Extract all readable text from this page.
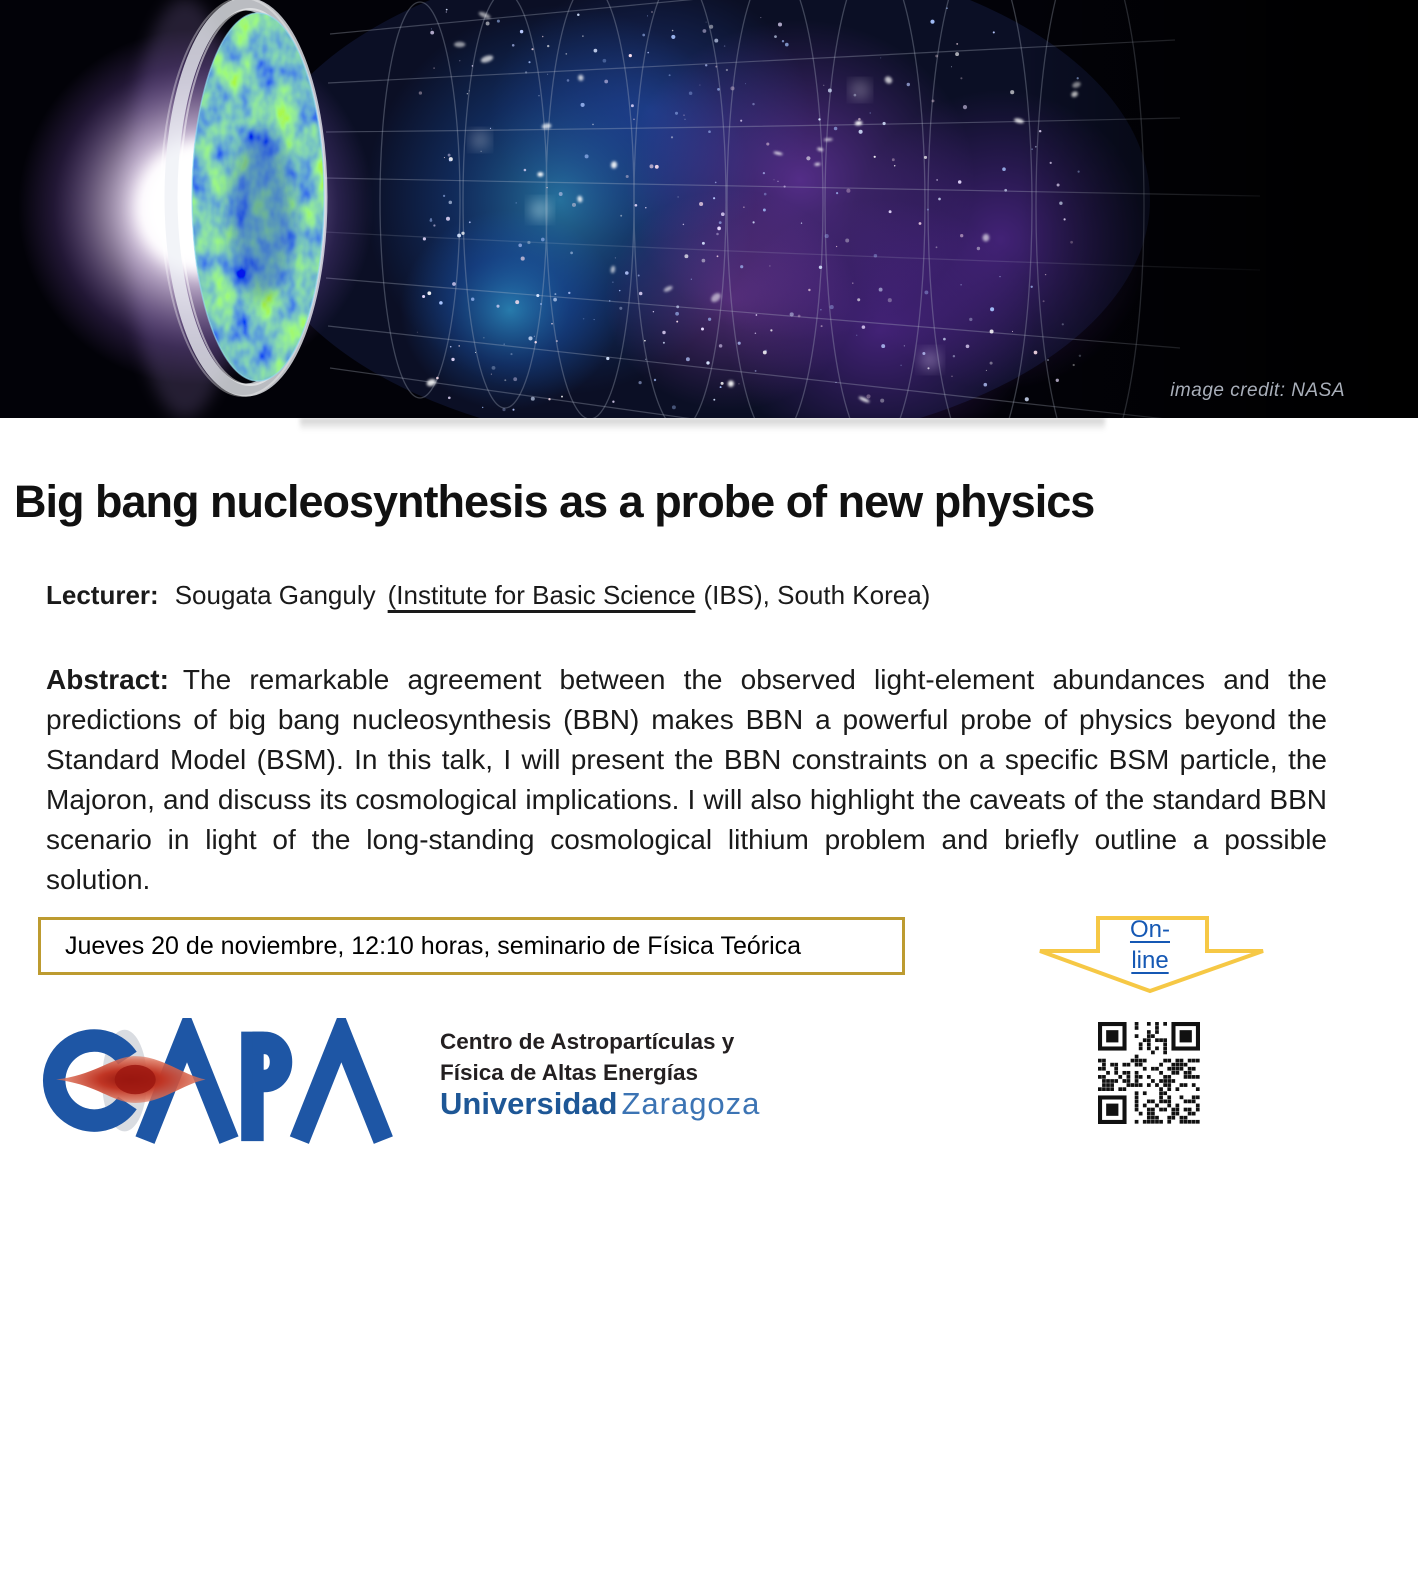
image credit: NASA
Big bang nucleosynthesis as a probe of new physics

Lecturer: Sougata Ganguly (Institute for Basic Science (IBS), South Korea)

Abstract: The remarkable agreement between the observed light-element abundances and the predictions of big bang nucleosynthesis (BBN) makes BBN a powerful probe of physics beyond the Standard Model (BSM). In this talk, I will present the BBN constraints on a specific BSM particle, the Majoron, and discuss its cosmological implications. I will also highlight the caveats of the standard BBN scenario in light of the long-standing cosmological lithium problem and briefly outline a possible solution.

Jueves 20 de noviembre, 12:10 horas, seminario de Física Teórica
On-
line
Centro de Astropartículas y
Física de Altas Energías
Universidad Zaragoza
